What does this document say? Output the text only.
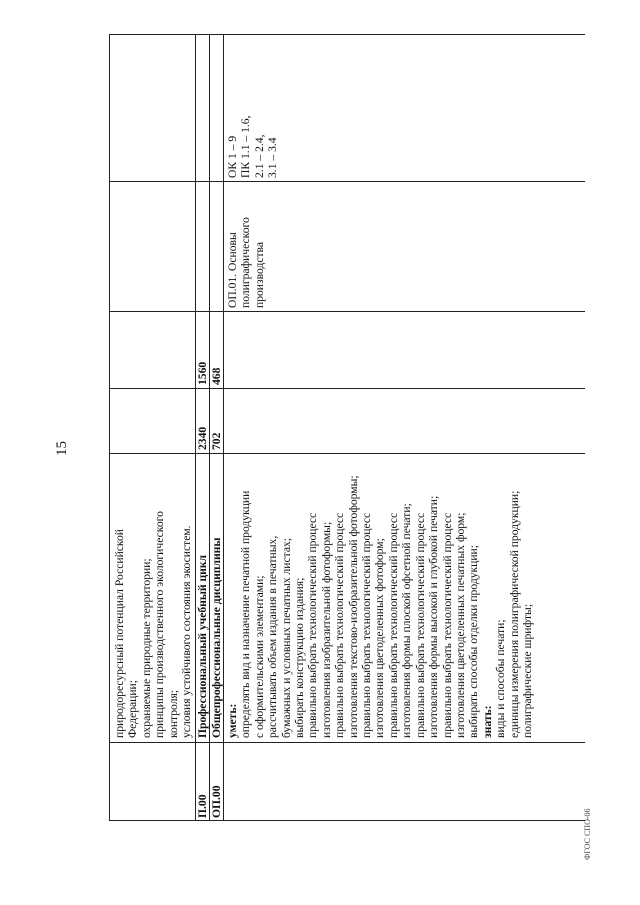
природоресурсный потенциал Российской Федерации; охраняемые природные территории; принципы производственного экологического контроля; условия устойчивого состояния экосистем.
П.00
Профессиональный учебный цикл
2340
1560
ОП.00
Общепрофессиональные дисциплины
702
468
уметь: определять вид и назначение печатной продукции с оформительскими элементами; рассчитывать объем издания в печатных, бумажных и условных печатных листах; выбирать конструкцию издания; правильно выбрать технологический процесс изготовления изобразительной фотоформы; правильно выбрать технологический процесс изготовления текстово-изобразительной фотоформы; правильно выбрать технологический процесс изготовления цветоделенных фотоформ; правильно выбрать технологический процесс изготовления формы плоской офсетной печати; правильно выбрать технологический процесс изготовления формы высокой и глубокой печати; правильно выбрать технологический процесс изготовления цветоделенных печатных форм; выбирать способы отделки продукции; знать: виды и способы печати; единицы измерения полиграфической продукции; полиграфические шрифты;
ОП.01. Основы полиграфического производства
ОК 1 – 9 ПК 1.1 – 1.6, 2.1 – 2.4, 3.1 – 3.4
15
ФГОС СПО-06
